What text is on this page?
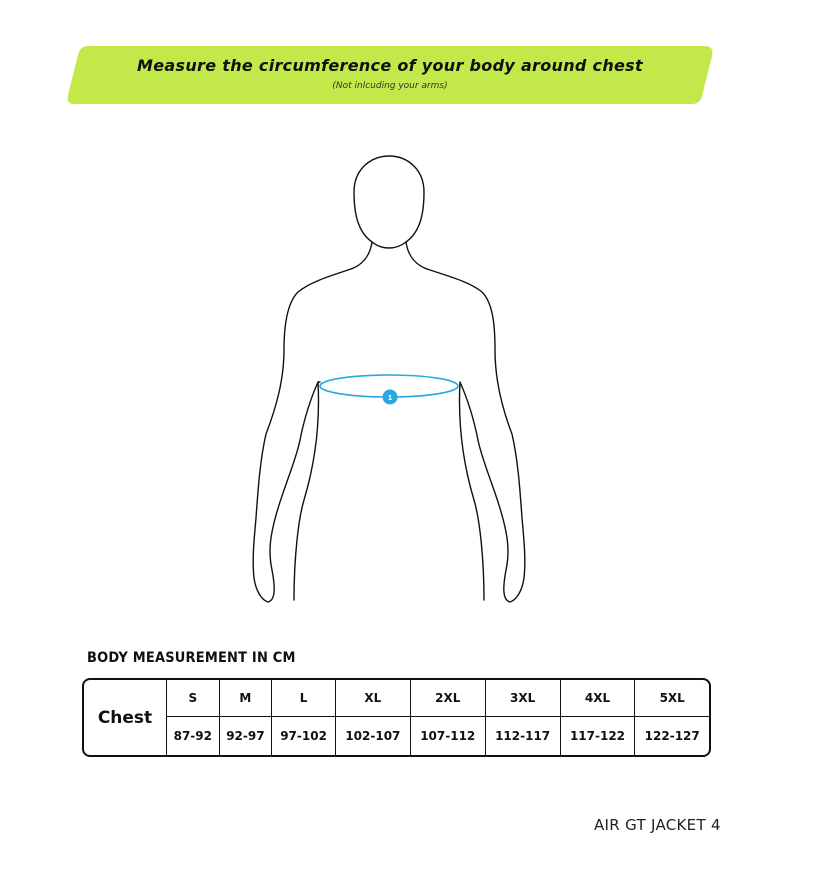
Measure the circumference of your body around chest
(Not inlcuding your arms)
1
BODY MEASUREMENT IN CM
Chest	S	M	L	XL	2XL	3XL	4XL	5XL
	87-92	92-97	97-102	102-107	107-112	112-117	117-122	122-127
AIR GT JACKET 4
